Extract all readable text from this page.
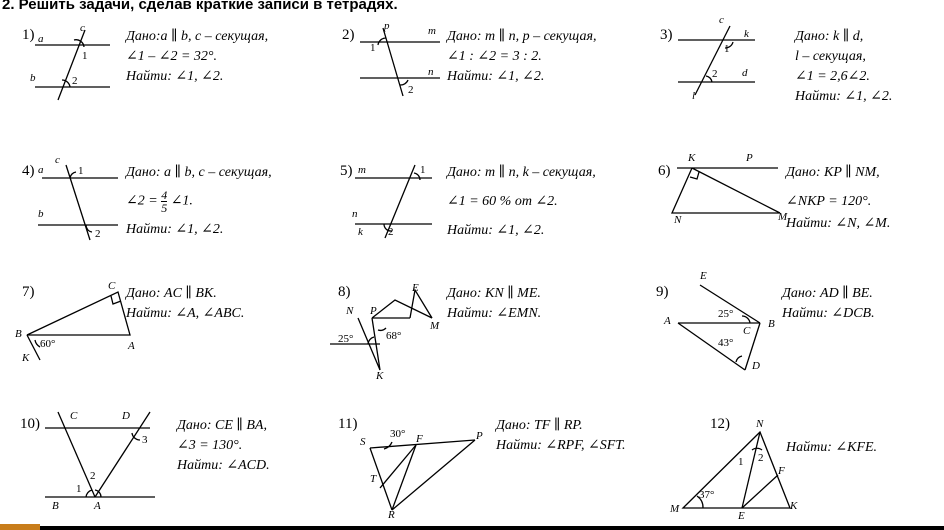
2. Решить задачи, сделав краткие записи в тетрадях.
1) a
c
1
b	2
Дано:a ∥ b, c – секущая,
∠1 – ∠2 = 32°.
Найти: ∠1, ∠2.
2)
p	m
1
n
2
Дано: m ∥ n, p – секущая,
∠1 : ∠2 = 3 : 2.
Найти: ∠1, ∠2.
3)
c
k
1
d
2
l
Дано: k ∥ d,
l – секущая,
∠1 = 2,6∠2.
Найти: ∠1, ∠2.
4) a
c
1
b
2
Дано: a ∥ b, c – секущая,
∠2 = $\frac{4}{5}$ ∠1.
Найти: ∠1, ∠2.
5) m	1
n
k 2
Дано: m ∥ n, k – секущая,
∠1 = 60 % от ∠2.
Найти: ∠1, ∠2.
6)
K	P
N	M
Дано: KP ∥ NM,
∠NKP = 120°.
Найти: ∠N, ∠M.
7)
B
C
A
K
60°
Дано: AC ∥ BK.
Найти: ∠A, ∠ABC.
8)
N P
E
M
K
25°	68°
Дано: KN ∥ ME.
Найти: ∠EMN.
9)
E
A	B
C
D
25°
43°
Дано: AD ∥ BE.
Найти: ∠DCB.
10)	C	D
3
2
1
B	A
Дано: CE ∥ BA,
∠3 = 130°.
Найти: ∠ACD.
11)
S	F	P
T
R
30°
Дано: TF ∥ RP.
Найти: ∠RPF, ∠SFT.
12) N
1 2
F
K
E
M
37°
Найти: ∠KFE.
